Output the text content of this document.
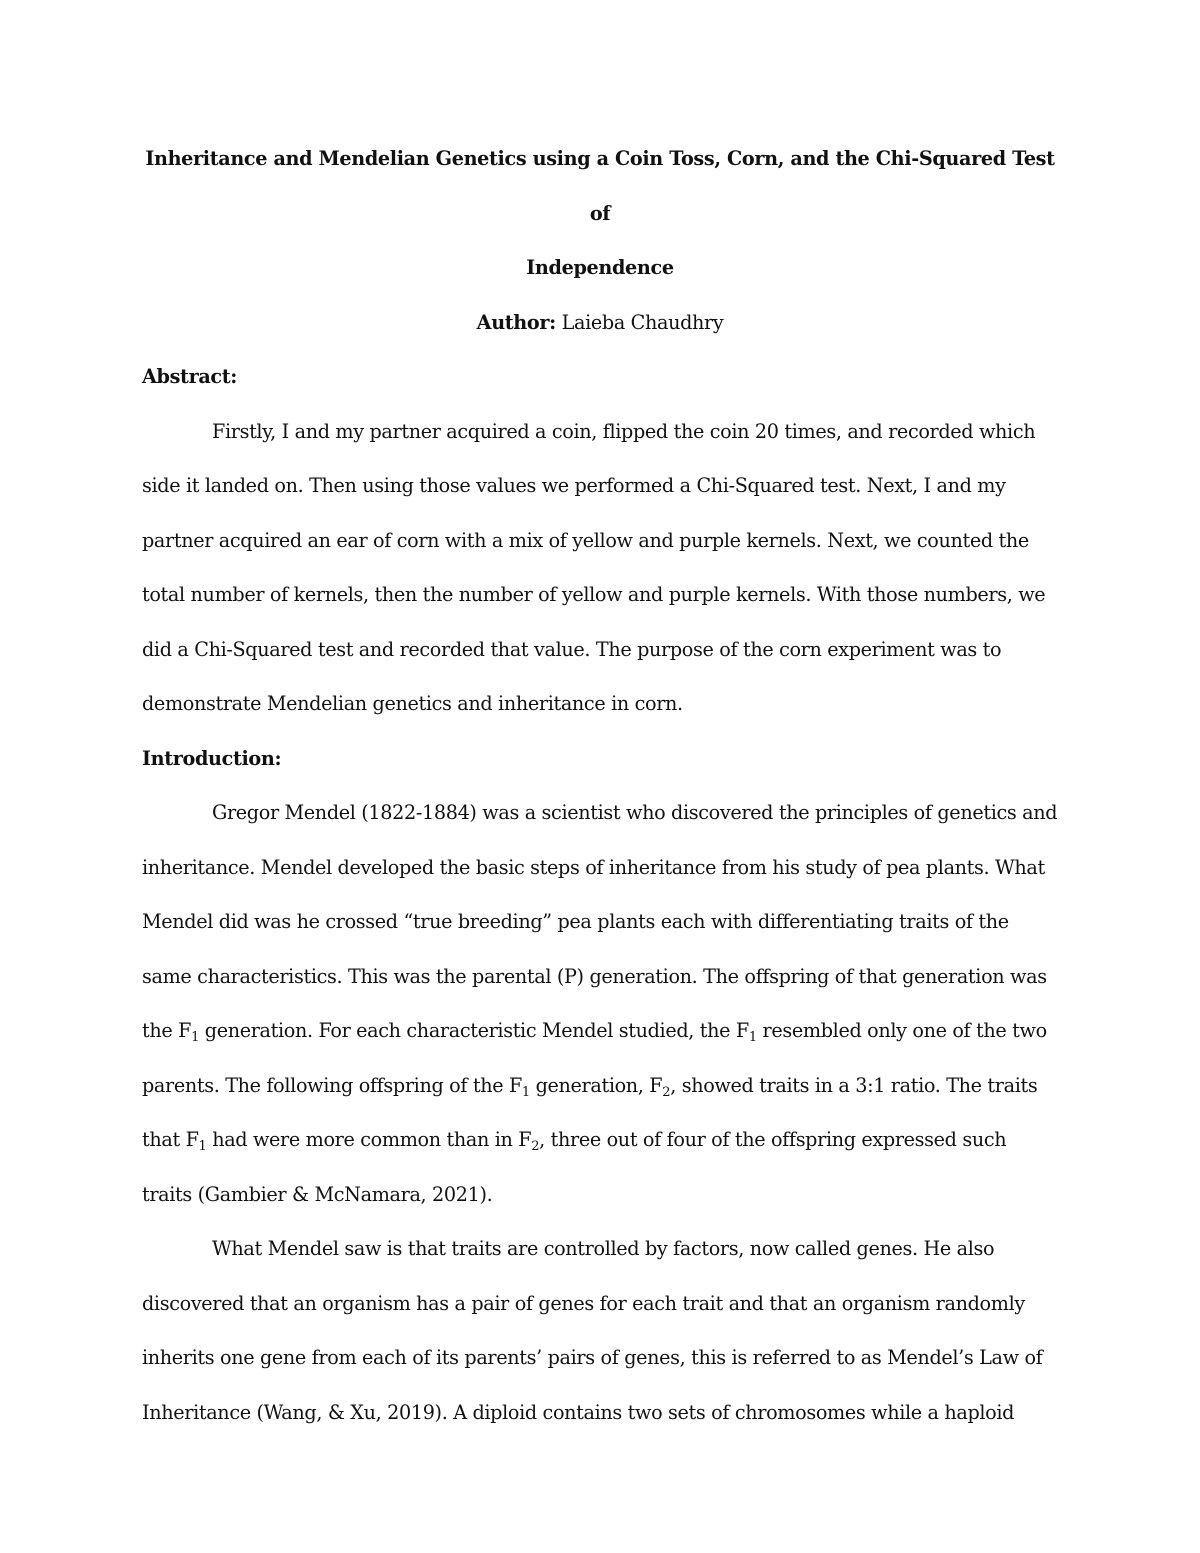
Inheritance and Mendelian Genetics using a Coin Toss, Corn, and the Chi-Squared Test of
Independence

Author: Laieba Chaudhry

Abstract:

Firstly, I and my partner acquired a coin, flipped the coin 20 times, and recorded which side it landed on. Then using those values we performed a Chi-Squared test. Next, I and my partner acquired an ear of corn with a mix of yellow and purple kernels. Next, we counted the total number of kernels, then the number of yellow and purple kernels. With those numbers, we did a Chi-Squared test and recorded that value. The purpose of the corn experiment was to demonstrate Mendelian genetics and inheritance in corn.

Introduction:

Gregor Mendel (1822-1884) was a scientist who discovered the principles of genetics and inheritance. Mendel developed the basic steps of inheritance from his study of pea plants. What Mendel did was he crossed “true breeding” pea plants each with differentiating traits of the same characteristics. This was the parental (P) generation. The offspring of that generation was the $F_1$ generation. For each characteristic Mendel studied, the $F_1$ resembled only one of the two parents. The following offspring of the $F_1$ generation, $F_2$, showed traits in a 3:1 ratio. The traits that $F_1$ had were more common than in $F_2$, three out of four of the offspring expressed such traits (Gambier & McNamara, 2021).

What Mendel saw is that traits are controlled by factors, now called genes. He also discovered that an organism has a pair of genes for each trait and that an organism randomly inherits one gene from each of its parents’ pairs of genes, this is referred to as Mendel’s Law of Inheritance (Wang, & Xu, 2019). A diploid contains two sets of chromosomes while a haploid
